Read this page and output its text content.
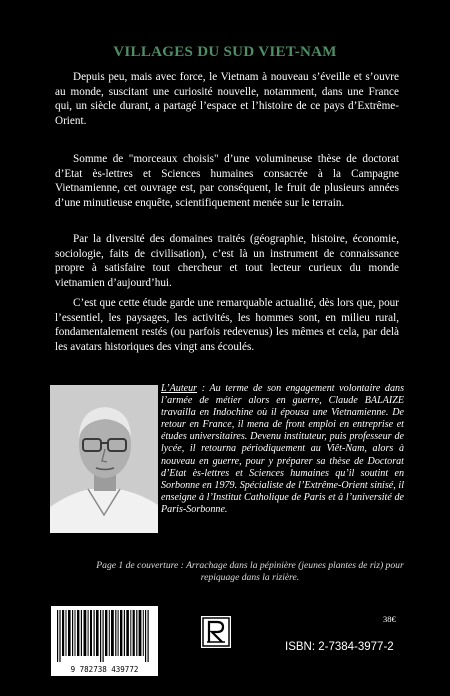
VILLAGES DU SUD VIET-NAM

Depuis peu, mais avec force, le Vietnam à nouveau s’éveille et s’ouvre au monde, suscitant une curiosité nouvelle, notamment, dans une France qui, un siècle durant, a partagé l’espace et l’histoire de ce pays d’Extrême-Orient.

Somme de "morceaux choisis" d’une volumineuse thèse de doctorat d’Etat ès-lettres et Sciences humaines consacrée à la Campagne Vietnamienne, cet ouvrage est, par conséquent, le fruit de plusieurs années d’une minutieuse enquête, scientifiquement menée sur le terrain.

Par la diversité des domaines traités (géographie, histoire, économie, sociologie, faits de civilisation), c’est là un instrument de connaissance propre à satisfaire tout chercheur et tout lecteur curieux du monde vietnamien d’aujourd’hui.

C’est que cette étude garde une remarquable actualité, dès lors que, pour l’essentiel, les paysages, les activités, les hommes sont, en milieu rural, fondamentalement restés (ou parfois redevenus) les mêmes et cela, par delà les avatars historiques des vingt ans écoulés.

L’Auteur : Au terme de son engagement volontaire dans l’armée de métier alors en guerre, Claude BALAIZE travailla en Indochine où il épousa une Vietnamienne. De retour en France, il mena de front emploi en entreprise et études universitaires. Devenu instituteur, puis professeur de lycée, il retourna périodiquement au Viêt-Nam, alors à nouveau en guerre, pour y préparer sa thèse de Doctorat d’Etat ès-lettres et Sciences humaines qu’il soutint en Sorbonne en 1979. Spécialiste de l’Extrême-Orient sinisé, il enseigne à l’Institut Catholique de Paris et à l’université de Paris-Sorbonne.

Page 1 de couverture : Arrachage dans la pépinière (jeunes plantes de riz) pour repiquage dans la rizière.

38€
9 782738 439772
ISBN: 2-7384-3977-2
